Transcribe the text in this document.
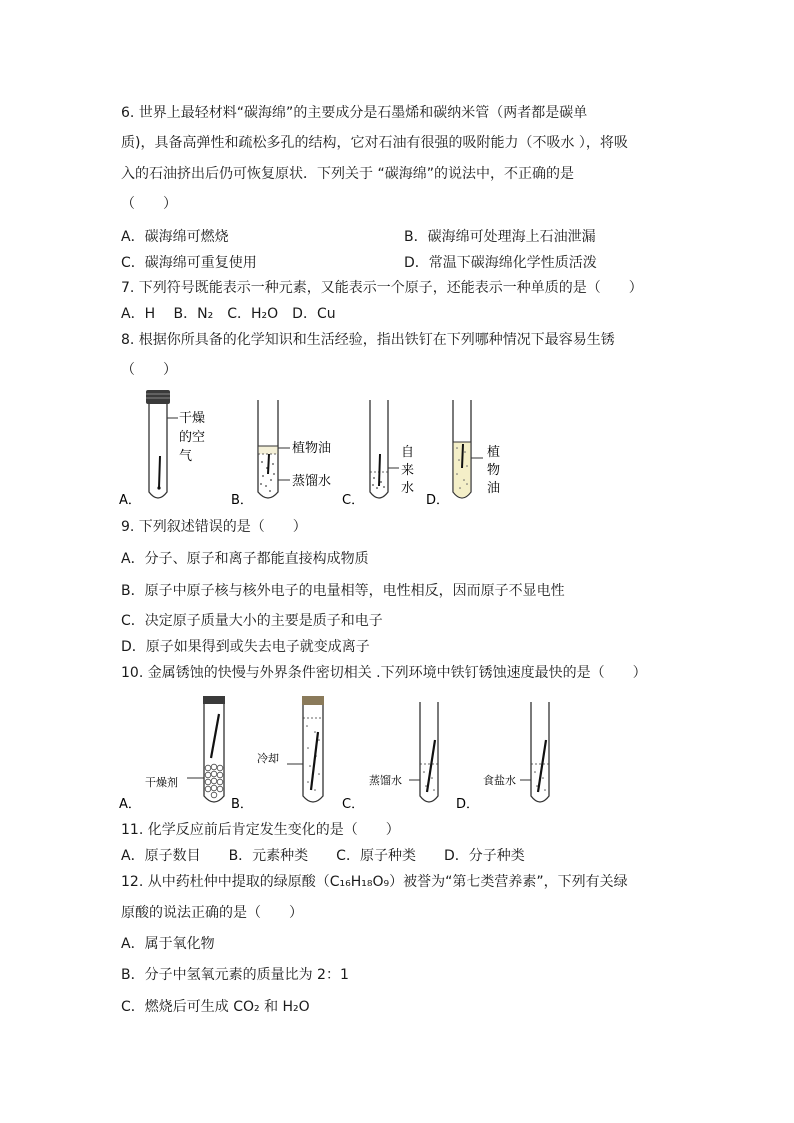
6. 世界上最轻材料“碳海绵”的主要成分是石墨烯和碳纳米管（两者都是碳单
质)，具备高弹性和疏松多孔的结构，它对石油有很强的吸附能力（不吸水 ），将吸
入的石油挤出后仍可恢复原状．下列关于 “碳海绵”的说法中，不正确的是
（　　）
A．碳海绵可燃烧	B．碳海绵可处理海上石油泄漏
C．碳海绵可重复使用	D．常温下碳海绵化学性质活泼
7. 下列符号既能表示一种元素，又能表示一个原子，还能表示一种单质的是（　　）
A．H　 B．N₂　C．H₂O　D．Cu
8. 根据你所具备的化学知识和生活经验，指出铁钉在下列哪种情况下最容易生锈
（　　）
A．
干燥
的空
气
B．
植物油
蒸馏水
C．
自
来
水
D．
植
物
油
9. 下列叙述错误的是（　　）
A．分子、原子和离子都能直接构成物质
B．原子中原子核与核外电子的电量相等，电性相反，因而原子不显电性
C．决定原子质量大小的主要是质子和电子
D．原子如果得到或失去电子就变成离子
10. 金属锈蚀的快慢与外界条件密切相关 .下列环境中铁钉锈蚀速度最快的是（　　）
A．
干燥剂
B．
冷却
C．
蒸馏水
D．
食盐水
11. 化学反应前后肯定发生变化的是（　　）
A．原子数目　　B．元素种类　　C．原子种类　　D．分子种类
12. 从中药杜仲中提取的绿原酸（C₁₆H₁₈O₉）被誉为“第七类营养素”，下列有关绿
原酸的说法正确的是（　　）
A．属于氧化物
B．分子中氢氧元素的质量比为 2：1
C．燃烧后可生成 CO₂ 和 H₂O
